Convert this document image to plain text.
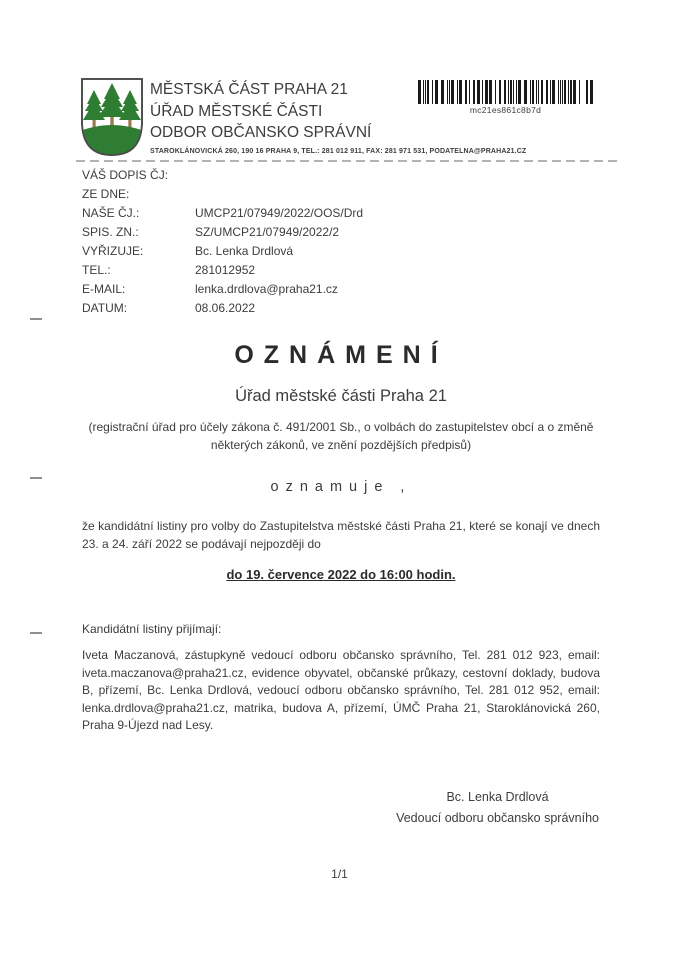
MĚSTSKÁ ČÁST PRAHA 21
ÚŘAD MĚSTSKÉ ČÁSTI
ODBOR OBČANSKO SPRÁVNÍ
STAROKLÁNOVICKÁ 260, 190 16 PRAHA 9, TEL.: 281 012 911, FAX: 281 971 531, PODATELNA@PRAHA21.CZ
mc21es861c8b7d
VÁŠ DOPIS ČJ:
ZE DNE:
NAŠE ČJ.:	UMCP21/07949/2022/OOS/Drd
SPIS. ZN.:	SZ/UMCP21/07949/2022/2
VYŘIZUJE:	Bc. Lenka Drdlová
TEL.:	281012952
E-MAIL:	lenka.drdlova@praha21.cz
DATUM:	08.06.2022
OZNÁMENÍ
Úřad městské části Praha 21
(registrační úřad pro účely zákona č. 491/2001 Sb., o volbách do zastupitelstev obcí a o změně některých zákonů, ve znění pozdějších předpisů)
oznamuje ,
že kandidátní listiny pro volby do Zastupitelstva městské části Praha 21, které se konají ve dnech 23. a 24. září 2022 se podávají nejpozději do
do 19. července 2022 do 16:00 hodin.
Kandidátní listiny přijímají:
Iveta Maczanová, zástupkyně vedoucí odboru občansko správního, Tel. 281 012 923, email: iveta.maczanova@praha21.cz, evidence obyvatel, občanské průkazy, cestovní doklady, budova B, přízemí, Bc. Lenka Drdlová, vedoucí odboru občansko správního, Tel. 281 012 952, email: lenka.drdlova@praha21.cz, matrika, budova A, přízemí, ÚMČ Praha 21, Staroklánovická 260, Praha 9-Újezd nad Lesy.
Bc. Lenka Drdlová
Vedoucí odboru občansko správního
1/1
